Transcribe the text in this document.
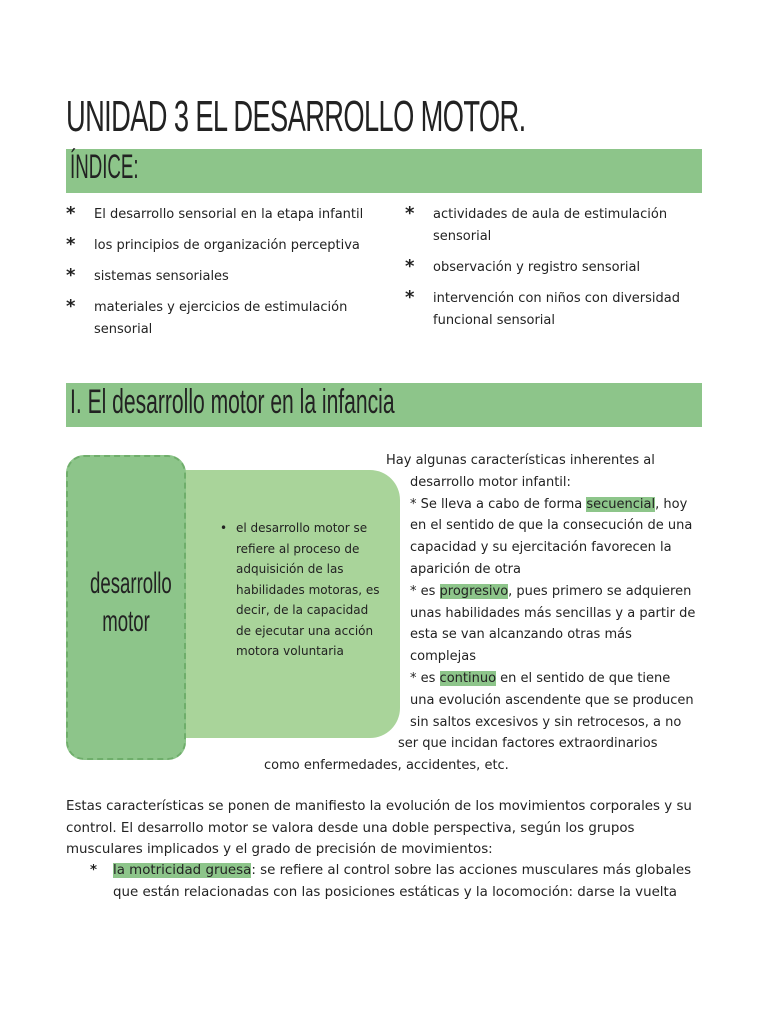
UNIDAD 3 EL DESARROLLO MOTOR.
ÍNDICE:
* El desarrollo sensorial en la etapa infantil
* los principios de organización perceptiva
* sistemas sensoriales
* materiales y ejercicios de estimulación sensorial
* actividades de aula de estimulación sensorial
* observación y registro sensorial
* intervención con niños con diversidad funcional sensorial
I. El desarrollo motor en la infancia
desarrollo motor
• el desarrollo motor se refiere al proceso de adquisición de las habilidades motoras, es decir, de la capacidad de ejecutar una acción motora voluntaria
Hay algunas características inherentes al
desarrollo motor infantil:
* Se lleva a cabo de forma secuencial, hoy
en el sentido de que la consecución de una
capacidad y su ejercitación favorecen la
aparición de otra
* es progresivo, pues primero se adquieren
unas habilidades más sencillas y a partir de
esta se van alcanzando otras más
complejas
* es continuo en el sentido de que tiene
una evolución ascendente que se producen
sin saltos excesivos y sin retrocesos, a no
ser que incidan factores extraordinarios
como enfermedades, accidentes, etc.
Estas características se ponen de manifiesto la evolución de los movimientos corporales y su control. El desarrollo motor se valora desde una doble perspectiva, según los grupos musculares implicados y el grado de precisión de movimientos:
* la motricidad gruesa: se refiere al control sobre las acciones musculares más globales que están relacionadas con las posiciones estáticas y la locomoción: darse la vuelta
